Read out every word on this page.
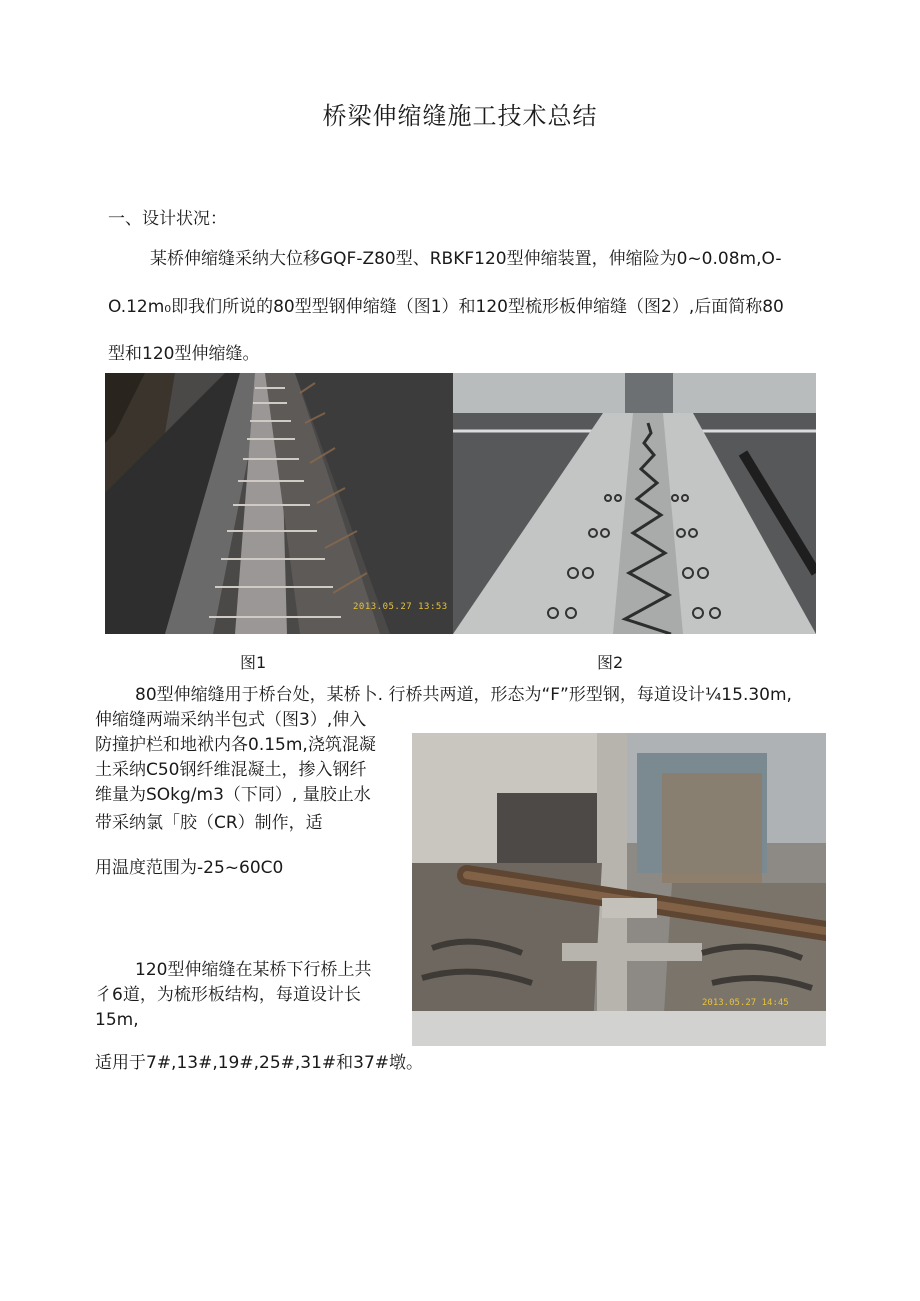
桥梁伸缩缝施工技术总结
一、设计状况：
某桥伸缩缝采纳大位移GQF-Z80型、RBKF120型伸缩装置，伸缩险为0~0.08m,O-
O.12m₀即我们所说的80型型钢伸缩缝（图1）和120型梳形板伸缩缝（图2）,后面简称80
型和120型伸缩缝。
2013.05.27 13:53
图1	图2
80型伸缩缝用于桥台处，某桥卜. 行桥共两道，形态为“F”形型钢，每道设计¼15.30m,
伸缩缝两端采纳半包式（图3）,伸入
防撞护栏和地袱内各0.15m,浇筑混凝
土采纳C50钢纤维混凝土，掺入钢纤
维量为SOkg/m3（下同）, 量胶止水
带采纳氯「胶（CR）制作，适
用温度范围为-25~60C0
2013.05.27 14:45
120型伸缩缝在某桥下行桥上共
彳6道，为梳形板结构，每道设计长
15m,
适用于7#,13#,19#,25#,31#和37#墩。
